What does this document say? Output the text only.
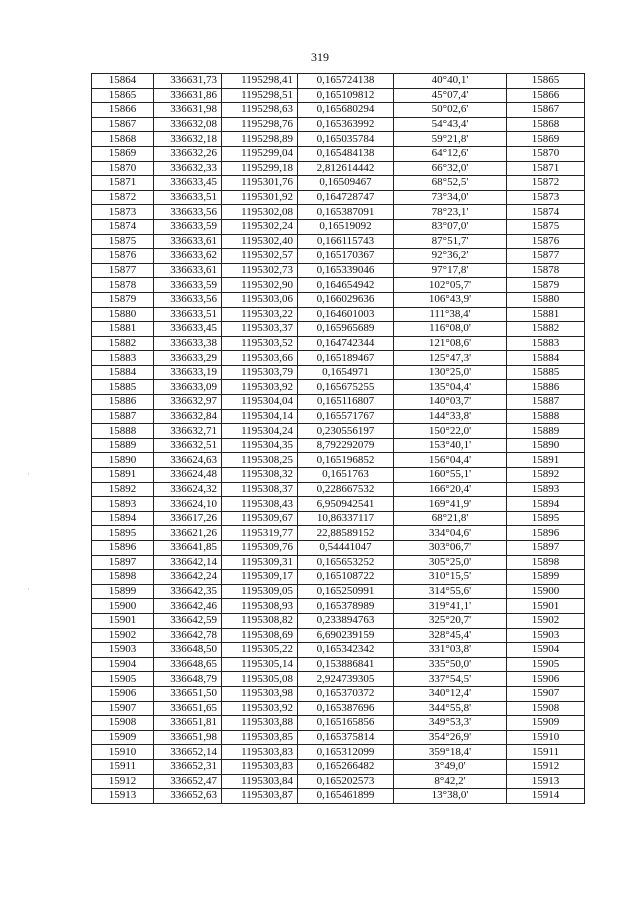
319
·
·
15864	336631,73	1195298,41	0,165724138	40°40,1'	15865
15865	336631,86	1195298,51	0,165109812	45°07,4'	15866
15866	336631,98	1195298,63	0,165680294	50°02,6'	15867
15867	336632,08	1195298,76	0,165363992	54°43,4'	15868
15868	336632,18	1195298,89	0,165035784	59°21,8'	15869
15869	336632,26	1195299,04	0,165484138	64°12,6'	15870
15870	336632,33	1195299,18	2,812614442	66°32,0'	15871
15871	336633,45	1195301,76	0,16509467	68°52,5'	15872
15872	336633,51	1195301,92	0,164728747	73°34,0'	15873
15873	336633,56	1195302,08	0,165387091	78°23,1'	15874
15874	336633,59	1195302,24	0,16519092	83°07,0'	15875
15875	336633,61	1195302,40	0,166115743	87°51,7'	15876
15876	336633,62	1195302,57	0,165170367	92°36,2'	15877
15877	336633,61	1195302,73	0,165339046	97°17,8'	15878
15878	336633,59	1195302,90	0,164654942	102°05,7'	15879
15879	336633,56	1195303,06	0,166029636	106°43,9'	15880
15880	336633,51	1195303,22	0,164601003	111°38,4'	15881
15881	336633,45	1195303,37	0,165965689	116°08,0'	15882
15882	336633,38	1195303,52	0,164742344	121°08,6'	15883
15883	336633,29	1195303,66	0,165189467	125°47,3'	15884
15884	336633,19	1195303,79	0,1654971	130°25,0'	15885
15885	336633,09	1195303,92	0,165675255	135°04,4'	15886
15886	336632,97	1195304,04	0,165116807	140°03,7'	15887
15887	336632,84	1195304,14	0,165571767	144°33,8'	15888
15888	336632,71	1195304,24	0,230556197	150°22,0'	15889
15889	336632,51	1195304,35	8,792292079	153°40,1'	15890
15890	336624,63	1195308,25	0,165196852	156°04,4'	15891
15891	336624,48	1195308,32	0,1651763	160°55,1'	15892
15892	336624,32	1195308,37	0,228667532	166°20,4'	15893
15893	336624,10	1195308,43	6,950942541	169°41,9'	15894
15894	336617,26	1195309,67	10,86337117	68°21,8'	15895
15895	336621,26	1195319,77	22,88589152	334°04,6'	15896
15896	336641,85	1195309,76	0,54441047	303°06,7'	15897
15897	336642,14	1195309,31	0,165653252	305°25,0'	15898
15898	336642,24	1195309,17	0,165108722	310°15,5'	15899
15899	336642,35	1195309,05	0,165250991	314°55,6'	15900
15900	336642,46	1195308,93	0,165378989	319°41,1'	15901
15901	336642,59	1195308,82	0,233894763	325°20,7'	15902
15902	336642,78	1195308,69	6,690239159	328°45,4'	15903
15903	336648,50	1195305,22	0,165342342	331°03,8'	15904
15904	336648,65	1195305,14	0,153886841	335°50,0'	15905
15905	336648,79	1195305,08	2,924739305	337°54,5'	15906
15906	336651,50	1195303,98	0,165370372	340°12,4'	15907
15907	336651,65	1195303,92	0,165387696	344°55,8'	15908
15908	336651,81	1195303,88	0,165165856	349°53,3'	15909
15909	336651,98	1195303,85	0,165375814	354°26,9'	15910
15910	336652,14	1195303,83	0,165312099	359°18,4'	15911
15911	336652,31	1195303,83	0,165266482	3°49,0'	15912
15912	336652,47	1195303,84	0,165202573	8°42,2'	15913
15913	336652,63	1195303,87	0,165461899	13°38,0'	15914
